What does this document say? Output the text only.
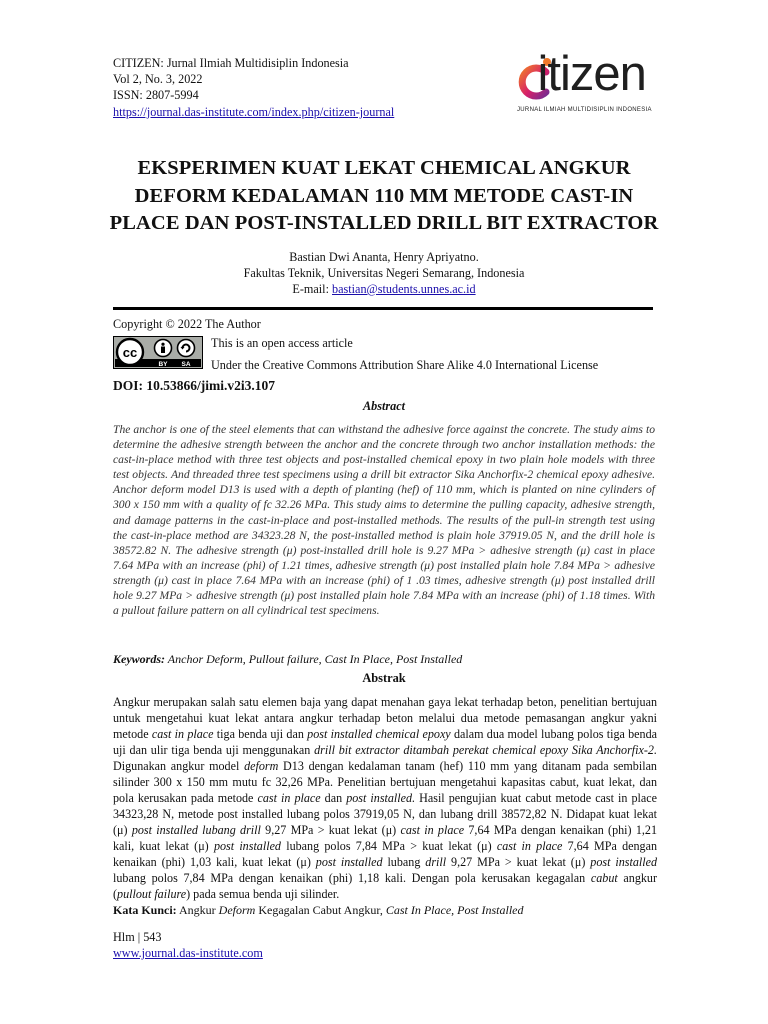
CITIZEN: Jurnal Ilmiah Multidisiplin Indonesia
Vol 2, No. 3, 2022
ISSN: 2807-5994
https://journal.das-institute.com/index.php/citizen-journal
itizen
JURNAL ILMIAH MULTIDISIPLIN INDONESIA
EKSPERIMEN KUAT LEKAT CHEMICAL ANGKUR
DEFORM KEDALAMAN 110 MM METODE CAST-IN
PLACE DAN POST-INSTALLED DRILL BIT EXTRACTOR
Bastian Dwi Ananta, Henry Apriyatno.
Fakultas Teknik, Universitas Negeri Semarang, Indonesia
E-mail: bastian@students.unnes.ac.id
Copyright © 2022 The Author
cc
BY SA
This is an open access article
Under the Creative Commons Attribution Share Alike 4.0 International License
DOI: 10.53866/jimi.v2i3.107
Abstract
The anchor is one of the steel elements that can withstand the adhesive force against the concrete. The study aims to determine the adhesive strength between the anchor and the concrete through two anchor installation methods: the cast-in-place method with three test objects and post-installed chemical epoxy in two plain hole models with three test objects. And threaded three test specimens using a drill bit extractor Sika Anchorfix-2 chemical epoxy adhesive. Anchor deform model D13 is used with a depth of planting (hef) of 110 mm, which is planted on nine cylinders of 300 x 150 mm with a quality of fc 32.26 MPa. This study aims to determine the pulling capacity, adhesive strength, and damage patterns in the cast-in-place and post-installed methods. The results of the pull-in strength test using the cast-in-place method are 34323.28 N, the post-installed method is plain hole 37919.05 N, and the drill hole is 38572.82 N. The adhesive strength (μ) post-installed drill hole is 9.27 MPa > adhesive strength (μ) cast in place 7.64 MPa with an increase (phi) of 1.21 times, adhesive strength (μ) post installed plain hole 7.84 MPa > adhesive strength (μ) cast in place 7.64 MPa with an increase (phi) of 1 .03 times, adhesive strength (μ) post installed drill hole 9.27 MPa > adhesive strength (μ) post installed plain hole 7.84 MPa with an increase (phi) of 1.18 times. With a pullout failure pattern on all cylindrical test specimens.
Keywords: Anchor Deform, Pullout failure, Cast In Place, Post Installed
Abstrak
Angkur merupakan salah satu elemen baja yang dapat menahan gaya lekat terhadap beton, penelitian bertujuan untuk mengetahui kuat lekat antara angkur terhadap beton melalui dua metode pemasangan angkur yakni metode cast in place tiga benda uji dan post installed chemical epoxy dalam dua model lubang polos tiga benda uji dan ulir tiga benda uji menggunakan drill bit extractor ditambah perekat chemical epoxy Sika Anchorfix-2. Digunakan angkur model deform D13 dengan kedalaman tanam (hef) 110 mm yang ditanam pada sembilan silinder 300 x 150 mm mutu fc 32,26 MPa. Penelitian bertujuan mengetahui kapasitas cabut, kuat lekat, dan pola kerusakan pada metode cast in place dan post installed. Hasil pengujian kuat cabut metode cast in place 34323,28 N, metode post installed lubang polos 37919,05 N, dan lubang drill 38572,82 N. Didapat kuat lekat (μ) post installed lubang drill 9,27 MPa > kuat lekat (μ) cast in place 7,64 MPa dengan kenaikan (phi) 1,21 kali, kuat lekat (μ) post installed lubang polos 7,84 MPa > kuat lekat (μ) cast in place 7,64 MPa dengan kenaikan (phi) 1,03 kali, kuat lekat (μ) post installed lubang drill 9,27 MPa > kuat lekat (μ) post installed lubang polos 7,84 MPa dengan kenaikan (phi) 1,18 kali. Dengan pola kerusakan kegagalan cabut angkur (pullout failure) pada semua benda uji silinder.
Kata Kunci: Angkur Deform Kegagalan Cabut Angkur, Cast In Place, Post Installed
Hlm | 543
www.journal.das-institute.com
